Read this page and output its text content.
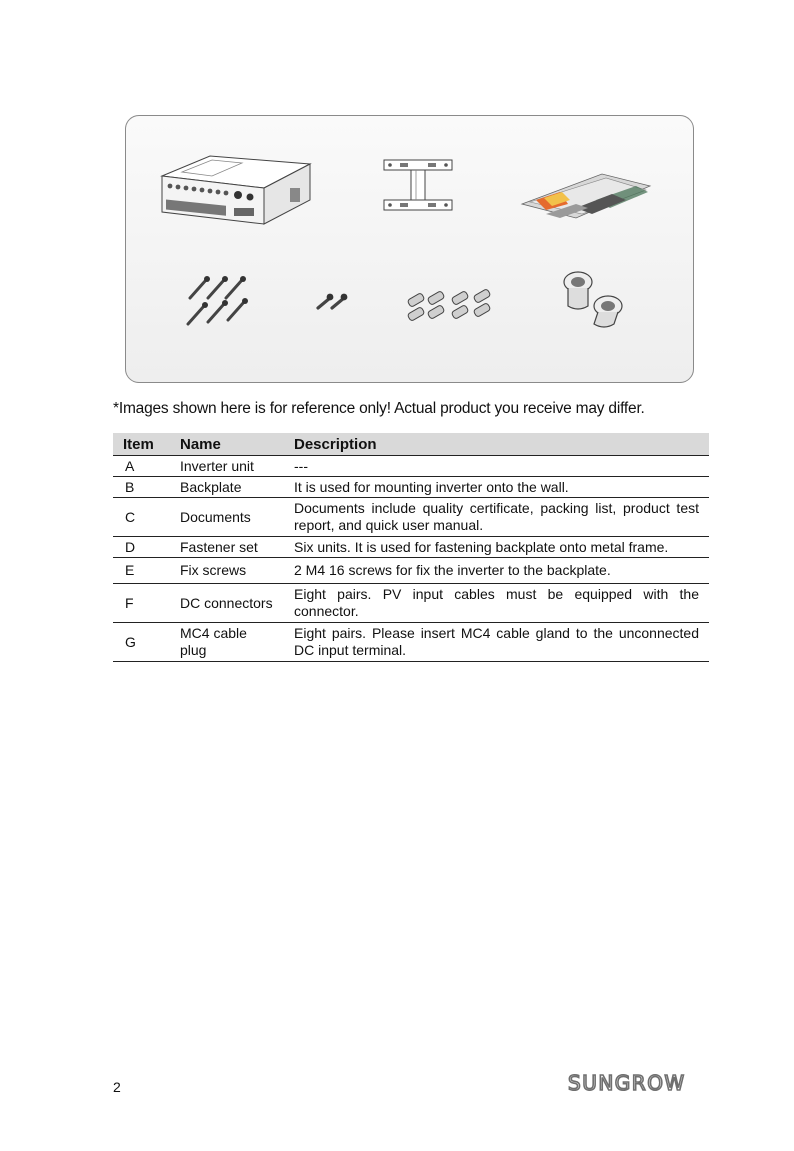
*Images shown here is for reference only! Actual product you receive may differ.
Item	Name	Description
A	Inverter unit	---
B	Backplate	It is used for mounting inverter onto the wall.
C	Documents	Documents include quality certificate, packing list, product test report, and quick user manual.
D	Fastener set	Six units. It is used for fastening backplate onto metal frame.
E	Fix screws	2 M4 16 screws for fix the inverter to the backplate.
F	DC connectors	Eight pairs. PV input cables must be equipped with the connector.
G	MC4 cable plug	Eight pairs. Please insert MC4 cable gland to the unconnected DC input terminal.
2	SUNGROW
